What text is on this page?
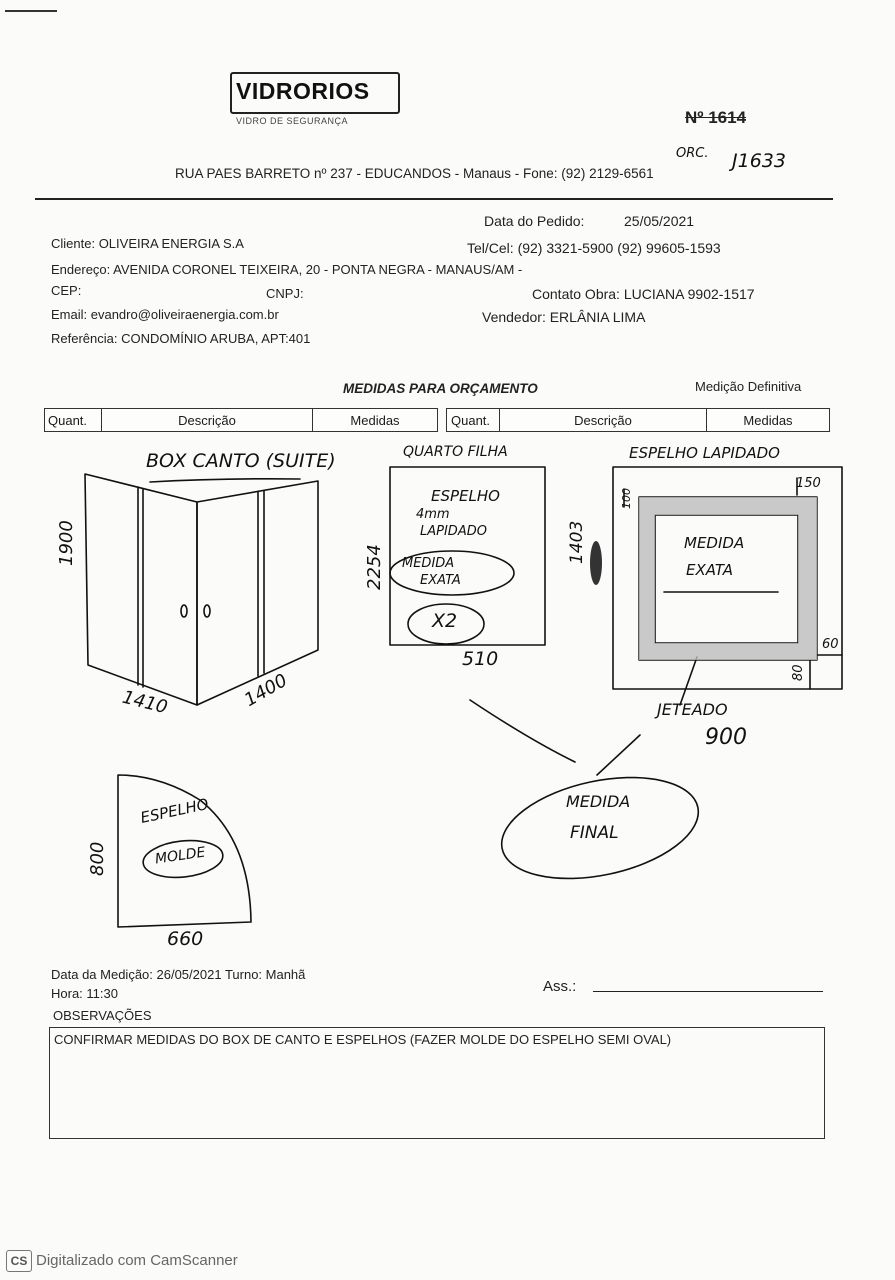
VIDRORIOS
VIDRO DE SEGURANÇA	Nº 1614
ORC. J1633
RUA PAES BARRETO nº 237 - EDUCANDOS - Manaus - Fone: (92) 2129-6561
Data do Pedido:	25/05/2021
Cliente: OLIVEIRA ENERGIA S.A	Tel/Cel: (92) 3321-5900 (92) 99605-1593
Endereço: AVENIDA CORONEL TEIXEIRA, 20 - PONTA NEGRA - MANAUS/AM -
CEP:	CNPJ:	Contato Obra: LUCIANA 9902-1517
Email: evandro@oliveiraenergia.com.br	Vendedor: ERLÂNIA LIMA
Referência: CONDOMÍNIO ARUBA, APT:401
MEDIDAS PARA ORÇAMENTO	Medição Definitiva
Quant.	Descrição	Medidas	Quant.	Descrição	Medidas
BOX CANTO (SUITE)
1900
1410	1400
QUARTO FILHA
ESPELHO
4mm
LAPIDADO
MEDIDA
EXATA
X2
2254
510
ESPELHO LAPIDADO
150
100
1403	MEDIDA
EXATA
60
80
JETEADO
900
MEDIDA
FINAL
ESPELHO
MOLDE
800
660
Data da Medição: 26/05/2021 Turno: Manhã
Hora: 11:30	Ass.:
OBSERVAÇÕES
CONFIRMAR MEDIDAS DO BOX DE CANTO E ESPELHOS (FAZER MOLDE DO ESPELHO SEMI OVAL)
CS Digitalizado com CamScanner
